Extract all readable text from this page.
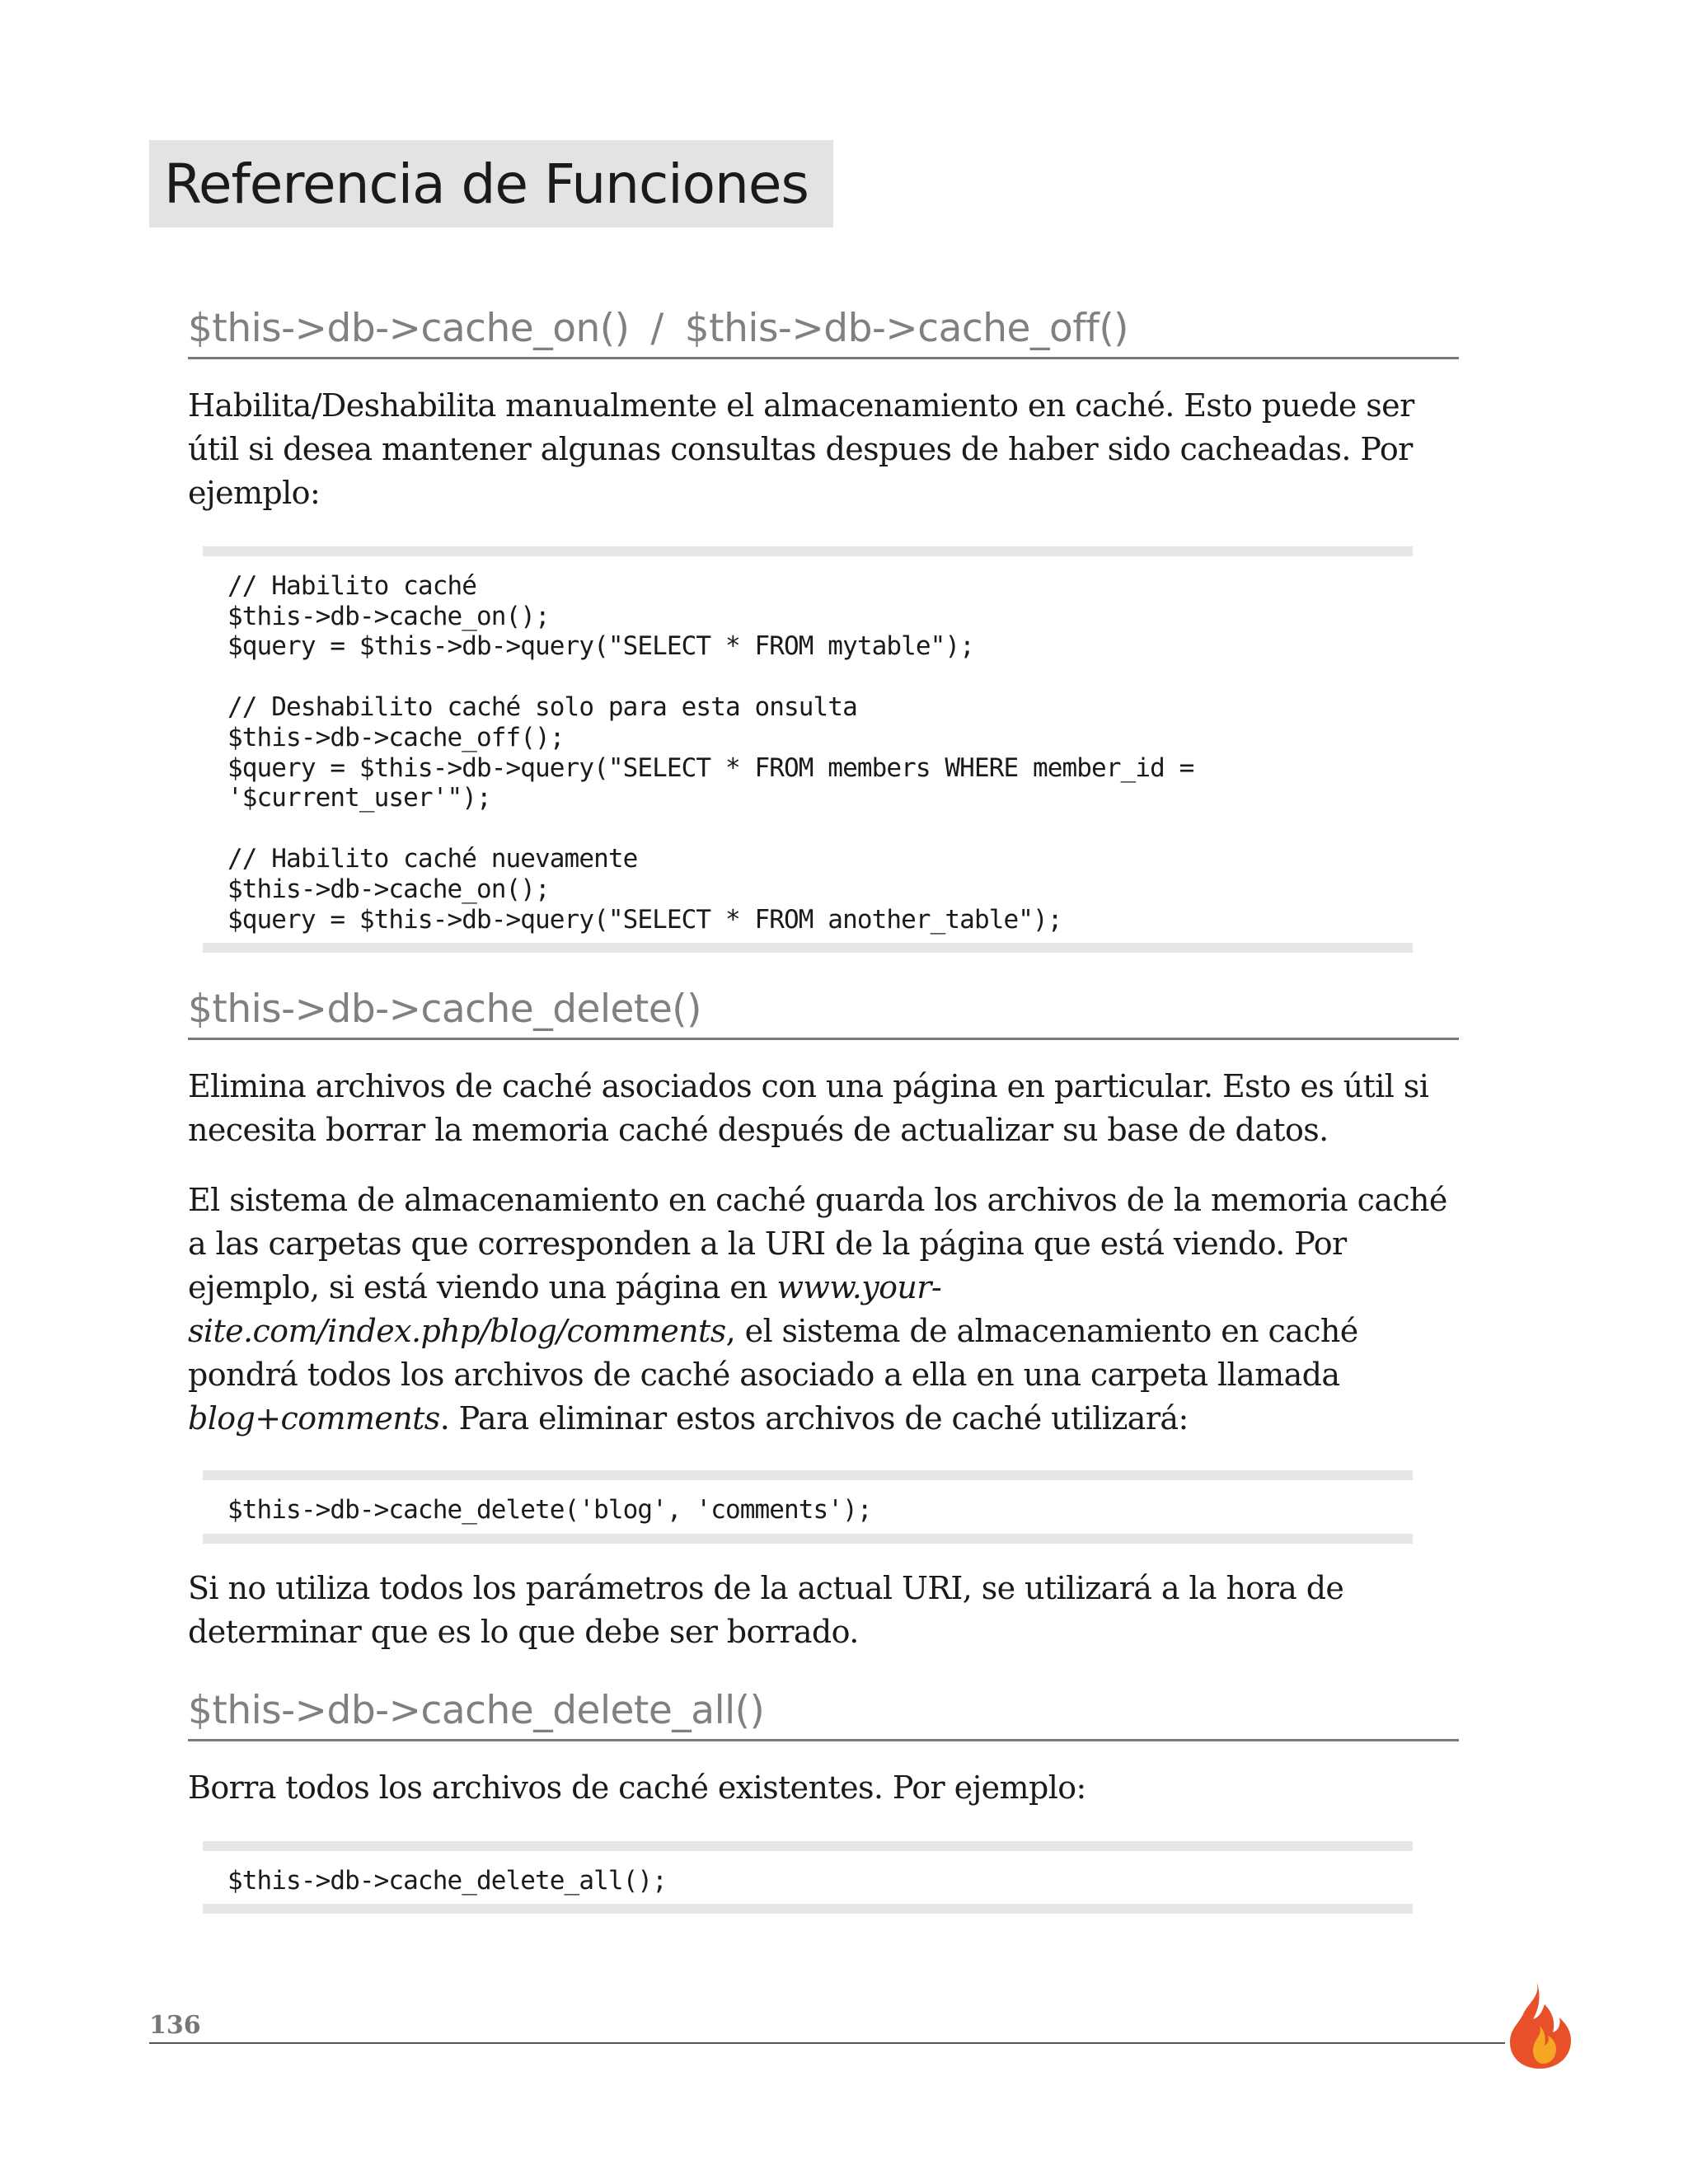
Referencia de Funciones
$this->db->cache_on() / $this->db->cache_off()

Habilita/Deshabilita manualmente el almacenamiento en caché. Esto puede ser útil si desea mantener algunas consultas despues de haber sido cacheadas. Por ejemplo:

// Habilito caché
$this->db->cache_on();
$query = $this->db->query("SELECT * FROM mytable");

// Deshabilito caché solo para esta onsulta
$this->db->cache_off();
$query = $this->db->query("SELECT * FROM members WHERE member_id =
'$current_user'");

// Habilito caché nuevamente
$this->db->cache_on();
$query = $this->db->query("SELECT * FROM another_table");
$this->db->cache_delete()

Elimina archivos de caché asociados con una página en particular. Esto es útil si necesita borrar la memoria caché después de actualizar su base de datos.

El sistema de almacenamiento en caché guarda los archivos de la memoria caché a las carpetas que corresponden a la URI de la página que está viendo. Por ejemplo, si está viendo una página en www.your-site.com/index.php/blog/comments, el sistema de almacenamiento en caché pondrá todos los archivos de caché asociado a ella en una carpeta llamada blog+comments. Para eliminar estos archivos de caché utilizará:

$this->db->cache_delete('blog', 'comments');

Si no utiliza todos los parámetros de la actual URI, se utilizará a la hora de determinar que es lo que debe ser borrado.

$this->db->cache_delete_all()

Borra todos los archivos de caché existentes. Por ejemplo:

$this->db->cache_delete_all();
136
